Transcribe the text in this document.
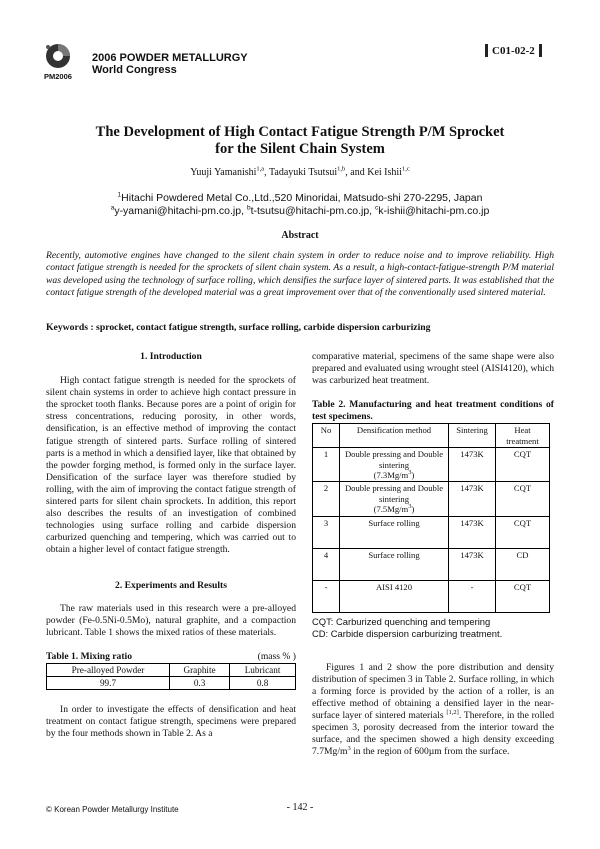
PM2006
2006 POWDER METALLURGY
World Congress
C01-02-2
The Development of High Contact Fatigue Strength P/M Sprocket
for the Silent Chain System
Yuuji Yamanishi$^{1,a}$, Tadayuki Tsutsui$^{1,b}$, and Kei Ishii$^{1,c}$
$^1$Hitachi Powdered Metal Co.,Ltd.,520 Minoridai, Matsudo-shi 270-2295, Japan
$^a$y-yamani@hitachi-pm.co.jp, $^b$t-tsutsu@hitachi-pm.co.jp, $^c$k-ishii@hitachi-pm.co.jp
Abstract
Recently, automotive engines have changed to the silent chain system in order to reduce noise and to improve reliability. High contact fatigue strength is needed for the sprockets of silent chain system. As a result, a high-contact-fatigue-strength P/M material was developed using the technology of surface rolling, which densifies the surface layer of sintered parts. It was established that the contact fatigue strength of the developed material was a great improvement over that of the conventionally used sintered material.
Keywords : sprocket, contact fatigue strength, surface rolling, carbide dispersion carburizing
1. Introduction
High contact fatigue strength is needed for the sprockets of silent chain systems in order to achieve high contact pressure in the sprocket tooth flanks. Because pores are a point of origin for stress concentrations, reducing porosity, in other words, densification, is an effective method of improving the contact fatigue strength of sintered parts. Surface rolling of sintered parts is a method in which a densified layer, like that obtained by the powder forging method, is formed only in the surface layer. Densification of the surface layer was therefore studied by rolling, with the aim of improving the contact fatigue strength of sintered parts for silent chain sprockets. In addition, this report also describes the results of an investigation of combined technologies using surface rolling and carbide dispersion carburized quenching and tempering, which was carried out to obtain a higher level of contact fatigue strength.
2. Experiments and Results
The raw materials used in this research were a pre-alloyed powder (Fe-0.5Ni-0.5Mo), natural graphite, and a compaction lubricant. Table 1 shows the mixed ratios of these materials.
Table 1. Mixing ratio	(mass % )
Pre-alloyed Powder	Graphite	Lubricant
99.7	0.3	0.8
In order to investigate the effects of densification and heat treatment on contact fatigue strength, specimens were prepared by the four methods shown in Table 2. As a
comparative material, specimens of the same shape were also prepared and evaluated using wrought steel (AISI4120), which was carburized heat treatment.
Table 2. Manufacturing and heat treatment conditions of test specimens.
No	Densification method	Sintering	Heat treatment
1	Double pressing and Double sintering
$(7.3Mg/m^3)$	1473K	CQT
2	Double pressing and Double sintering
$(7.5Mg/m^3)$	1473K	CQT
3	Surface rolling	1473K	CQT
4	Surface rolling	1473K	CD
-	AISI 4120	-	CQT
CQT: Carburized quenching and tempering
CD: Carbide dispersion carburizing treatment.
Figures 1 and 2 show the pore distribution and density distribution of specimen 3 in Table 2. Surface rolling, in which a forming force is provided by the action of a roller, is an effective method of obtaining a densified layer in the near-surface layer of sintered materials [1,2]. Therefore, in the rolled specimen 3, porosity decreased from the interior toward the surface, and the specimen showed a high density exceeding $7.7Mg/m^3$ in the region of 600µm from the surface.
© Korean Powder Metallurgy Institute	- 142 -
